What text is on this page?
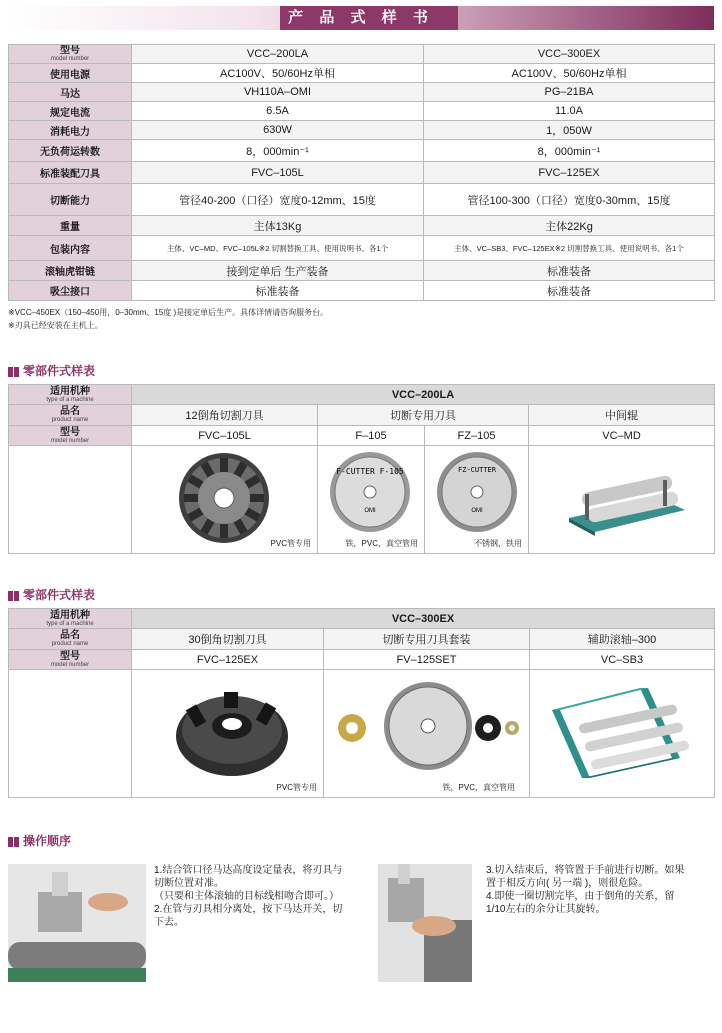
产 品 式 样 书
型号
model number	VCC–200LA	VCC–300EX
使用电源	AC100V、50/60Hz单相	AC100V、50/60Hz单相
马达	VH110A–OMI	PG–21BA
规定电流	6.5A	11.0A
消耗电力	630W	1，050W
无负荷运转数	8，000min⁻¹	8，000min⁻¹
标准装配刀具	FVC–105L	FVC–125EX
切断能力	管径40-200（口径）宽度0-12mm、15度	管径100-300（口径）宽度0-30mm、15度
重量	主体13Kg	主体22Kg
包装内容	主体、VC–MD、FVC–105L※2 切割替换工具、使用说明书、各1个	主体、VC–SB3、FVC–125EX※2 切割替换工具、使用说明书、各1个
滚轴虎钳链	接到定单后 生产装备	标准装备
吸尘接口	标准装备	标准装备
※VCC–450EX（150–450用，0–30mm、15度 )是接定单后生产。具体详情请咨询服务台。
※刃具已经安装在主机上。

零部件式样表
适用机种
type of a machine	VCC–200LA			

品名
product name	12倒角切割刀具	切断专用刀具		中间辊

型号
model number	FVC–105L	F–105	FZ–105	VC–MD

	PVC管专用	F-CUTTER F-105
OMI
铁，PVC，真空管用	FZ-CUTTER
OMI
不锈钢，铁用

零部件式样表
适用机种
type of a machine	VCC–300EX		

品名
product name	30倒角切割刀具	切断专用刀具套装	辅助滚轴–300

型号
model number	FVC–125EX	FV–125SET	VC–SB3

	PVC管专用	铁，PVC，真空管用

操作顺序
1.结合管口径马达高度设定量表，将刃具与
切断位置对准。
（只要和主体滚轴的目标线相吻合即可。）
2.在管与刃具相分离处，按下马达开关，切
下去。
3.切入结束后，将管置于手前进行切断。如果
置于相反方向( 另一端 )，则很危险。
4.即使一圈切割完毕，由于倒角的关系，留
1/10左右的余分让其旋转。
